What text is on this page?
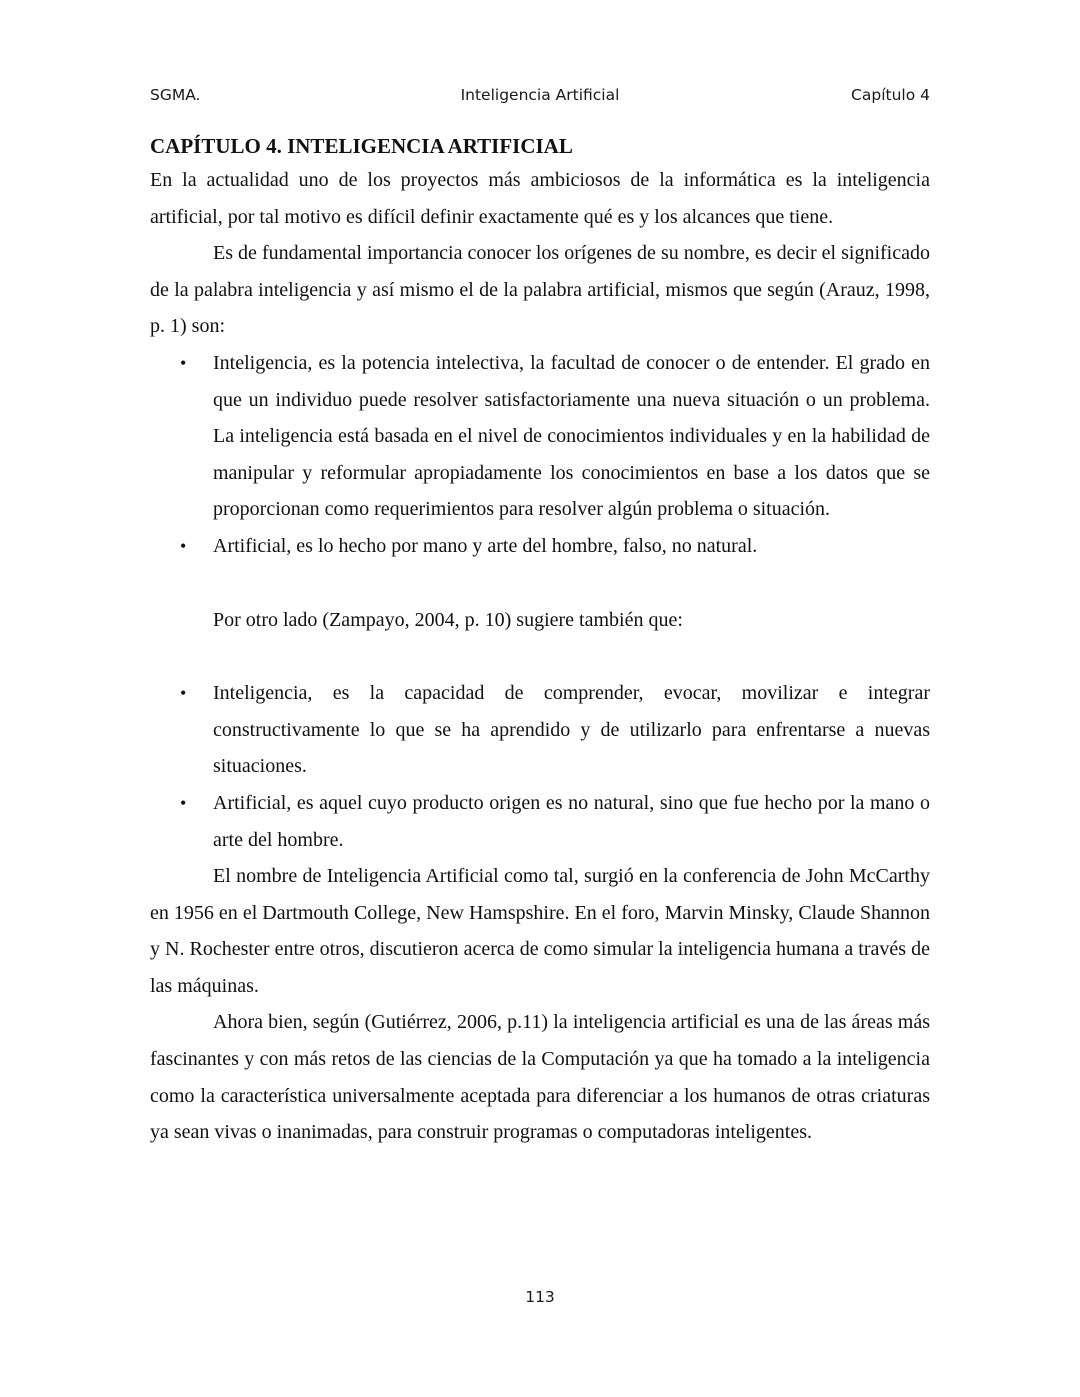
SGMA.	Inteligencia Artificial	Capítulo 4
CAPÍTULO 4. INTELIGENCIA ARTIFICIAL

En la actualidad uno de los proyectos más ambiciosos de la informática es la inteligencia artificial, por tal motivo es difícil definir exactamente qué es y los alcances que tiene.

Es de fundamental importancia conocer los orígenes de su nombre, es decir el significado de la palabra inteligencia y así mismo el de la palabra artificial, mismos que según (Arauz, 1998, p. 1) son:

• Inteligencia, es la potencia intelectiva, la facultad de conocer o de entender. El grado en que un individuo puede resolver satisfactoriamente una nueva situación o un problema. La inteligencia está basada en el nivel de conocimientos individuales y en la habilidad de manipular y reformular apropiadamente los conocimientos en base a los datos que se proporcionan como requerimientos para resolver algún problema o situación.
• Artificial, es lo hecho por mano y arte del hombre, falso, no natural.

Por otro lado (Zampayo, 2004, p. 10) sugiere también que:

• Inteligencia, es la capacidad de comprender, evocar, movilizar e integrar constructivamente lo que se ha aprendido y de utilizarlo para enfrentarse a nuevas situaciones.
• Artificial, es aquel cuyo producto origen es no natural, sino que fue hecho por la mano o arte del hombre.

El nombre de Inteligencia Artificial como tal, surgió en la conferencia de John McCarthy en 1956 en el Dartmouth College, New Hamspshire. En el foro, Marvin Minsky, Claude Shannon y N. Rochester entre otros, discutieron acerca de como simular la inteligencia humana a través de las máquinas.

Ahora bien, según (Gutiérrez, 2006, p.11) la inteligencia artificial es una de las áreas más fascinantes y con más retos de las ciencias de la Computación ya que ha tomado a la inteligencia como la característica universalmente aceptada para diferenciar a los humanos de otras criaturas ya sean vivas o inanimadas, para construir programas o computadoras inteligentes.

113
